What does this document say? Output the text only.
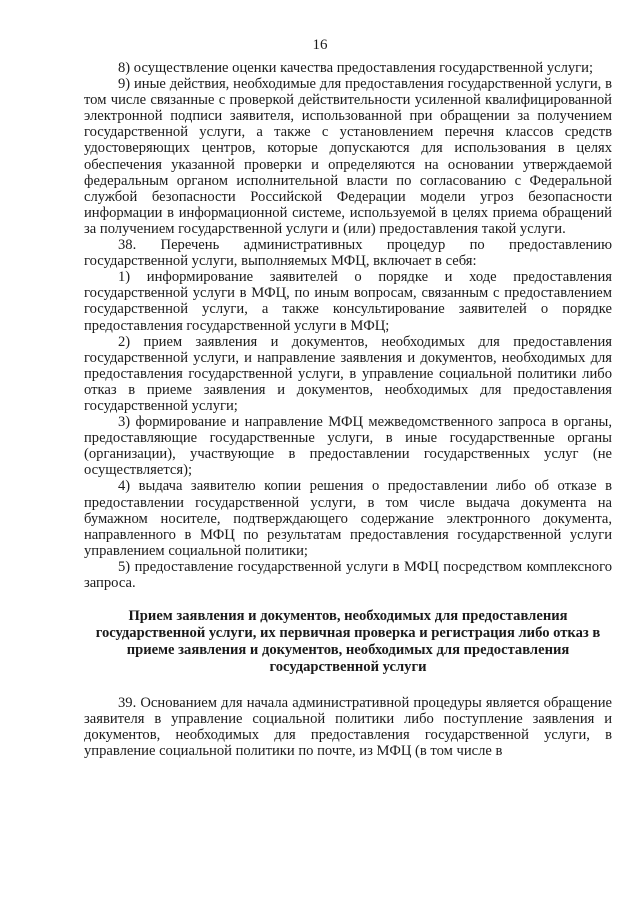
16

8) осуществление оценки качества предоставления государственной услуги;

9) иные действия, необходимые для предоставления государственной услуги, в том числе связанные с проверкой действительности усиленной квалифицированной электронной подписи заявителя, использованной при обращении за получением государственной услуги, а также с установлением перечня классов средств удостоверяющих центров, которые допускаются для использования в целях обеспечения указанной проверки и определяются на основании утверждаемой федеральным органом исполнительной власти по согласованию с Федеральной службой безопасности Российской Федерации модели угроз безопасности информации в информационной системе, используемой в целях приема обращений за получением государственной услуги и (или) предоставления такой услуги.

38. Перечень административных процедур по предоставлению государственной услуги, выполняемых МФЦ, включает в себя:

1) информирование заявителей о порядке и ходе предоставления государственной услуги в МФЦ, по иным вопросам, связанным с предоставлением государственной услуги, а также консультирование заявителей о порядке предоставления государственной услуги в МФЦ;

2) прием заявления и документов, необходимых для предоставления государственной услуги, и направление заявления и документов, необходимых для предоставления государственной услуги, в управление социальной политики либо отказ в приеме заявления и документов, необходимых для предоставления государственной услуги;

3) формирование и направление МФЦ межведомственного запроса в органы, предоставляющие государственные услуги, в иные государственные органы (организации), участвующие в предоставлении государственных услуг (не осуществляется);

4) выдача заявителю копии решения о предоставлении либо об отказе в предоставлении государственной услуги, в том числе выдача документа на бумажном носителе, подтверждающего содержание электронного документа, направленного в МФЦ по результатам предоставления государственной услуги управлением социальной политики;

5) предоставление государственной услуги в МФЦ посредством комплексного запроса.

Прием заявления и документов, необходимых для предоставления государственной услуги, их первичная проверка и регистрация либо отказ в приеме заявления и документов, необходимых для предоставления государственной услуги

39. Основанием для начала административной процедуры является обращение заявителя в управление социальной политики либо поступление заявления и документов, необходимых для предоставления государственной услуги, в управление социальной политики по почте, из МФЦ (в том числе в
